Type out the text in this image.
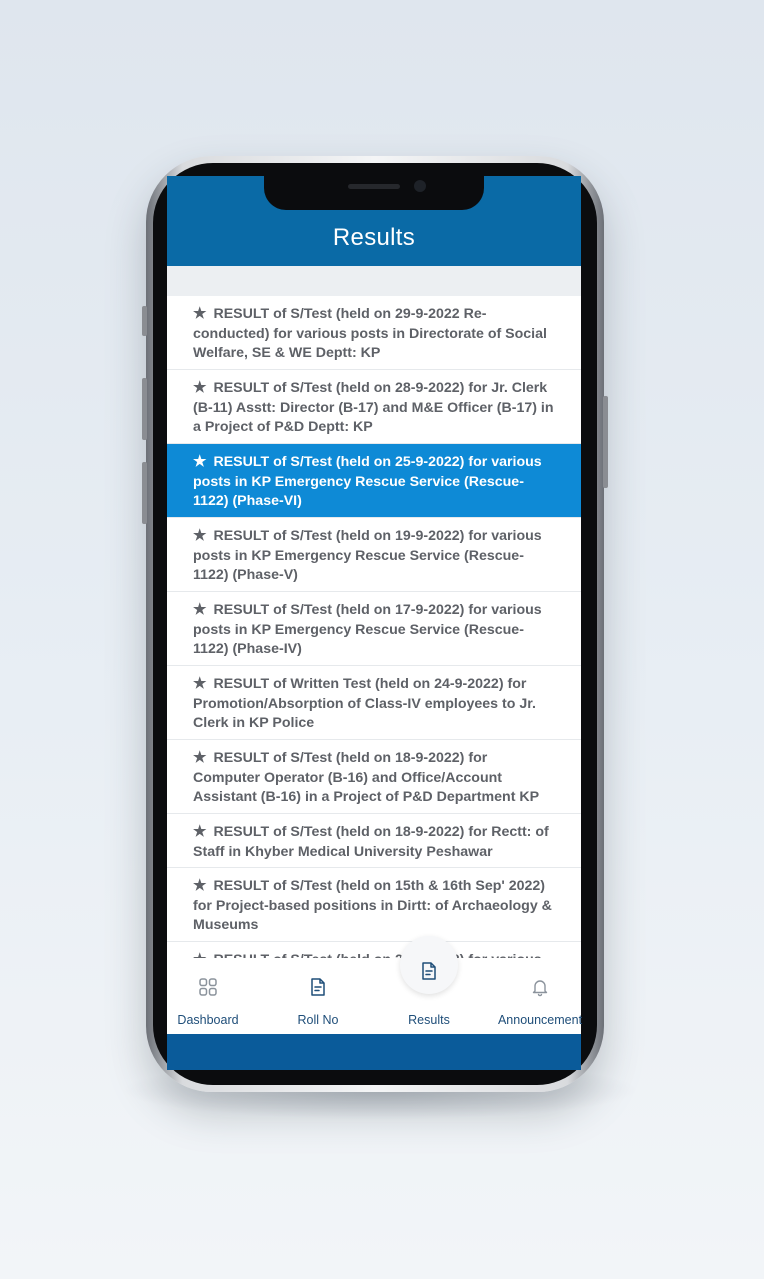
Results
★ RESULT of S/Test (held on 29-9-2022 Re-conducted) for various posts in Directorate of Social Welfare, SE & WE Deptt: KP
★ RESULT of S/Test (held on 28-9-2022) for Jr. Clerk (B-11) Asstt: Director (B-17) and M&E Officer (B-17) in a Project of P&D Deptt: KP
★ RESULT of S/Test (held on 25-9-2022) for various posts in KP Emergency Rescue Service (Rescue-1122) (Phase-VI)
★ RESULT of S/Test (held on 19-9-2022) for various posts in KP Emergency Rescue Service (Rescue-1122) (Phase-V)
★ RESULT of S/Test (held on 17-9-2022) for various posts in KP Emergency Rescue Service (Rescue-1122) (Phase-IV)
★ RESULT of Written Test (held on 24-9-2022) for Promotion/Absorption of Class-IV employees to Jr. Clerk in KP Police
★ RESULT of S/Test (held on 18-9-2022) for Computer Operator (B-16) and Office/Account Assistant (B-16) in a Project of P&D Department KP
★ RESULT of S/Test (held on 18-9-2022) for Rectt: of Staff in Khyber Medical University Peshawar
★ RESULT of S/Test (held on 15th & 16th Sep' 2022) for Project-based positions in Dirtt: of Archaeology & Museums
Dashboard	Roll No	Results	Announcement
